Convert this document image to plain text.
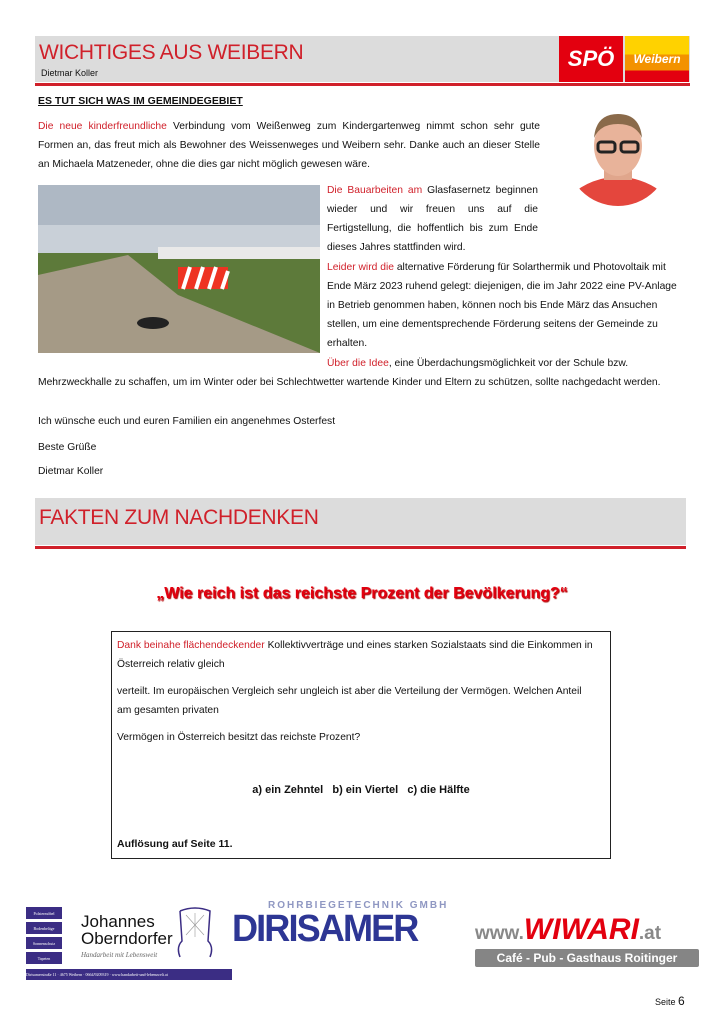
WICHTIGES AUS WEIBERN
Dietmar Koller
SPÖ	Weibern
ES TUT SICH WAS IM GEMEINDEGEBIET
Die neue kinderfreundliche Verbindung vom Weißenweg zum Kindergartenweg nimmt schon sehr gute Formen an, das freut mich als Bewohner des Weissenweges und Weibern sehr. Danke auch an dieser Stelle an Michaela Matzeneder, ohne die dies gar nicht möglich gewesen wäre.
Die Bauarbeiten am Glasfasernetz beginnen wieder und wir freuen uns auf die Fertigstellung, die hoffentlich bis zum Ende dieses Jahres stattfinden wird.
Leider wird die alternative Förderung für Solarthermik und Photovoltaik mit Ende März 2023 ruhend gelegt: diejenigen, die im Jahr 2022 eine PV-Anlage in Betrieb genommen haben, können noch bis Ende März das Ansuchen stellen, um eine dementsprechende Förderung seitens der Gemeinde zu erhalten.
Über die Idee, eine Überdachungsmöglichkeit vor der Schule bzw.
Mehrzweckhalle zu schaffen, um im Winter oder bei Schlechtwetter wartende Kinder und Eltern zu schützen, sollte nachgedacht werden.
Ich wünsche euch und euren Familien ein angenehmes Osterfest
Beste Grüße
Dietmar Koller
FAKTEN ZUM NACHDENKEN
„Wie reich ist das reichste Prozent der Bevölkerung?“
Dank beinahe flächendeckender Kollektivverträge und eines starken Sozialstaats sind die Einkommen in Österreich relativ gleich
verteilt. Im europäischen Vergleich sehr ungleich ist aber die Verteilung der Vermögen. Welchen Anteil am gesamten privaten
Vermögen in Österreich besitzt das reichste Prozent?
a) ein Zehntel   b) ein Viertel   c) die Hälfte
Auflösung auf Seite 11.
Polstermöbel
Bodenbeläge
Sonnenschutz
Tapeten
Johannes
Oberndorfer
Handarbeit mit Lebensweit
Dirisamerstraße 11 · 4675 Weibern · 0664/9209319 · www.handarbeit-und-lebenswelt.at
ROHRBIEGETECHNIK GMBH
DIRISAMER	www.WIWARI.at
Café - Pub - Gasthaus Roitinger
Seite 6
